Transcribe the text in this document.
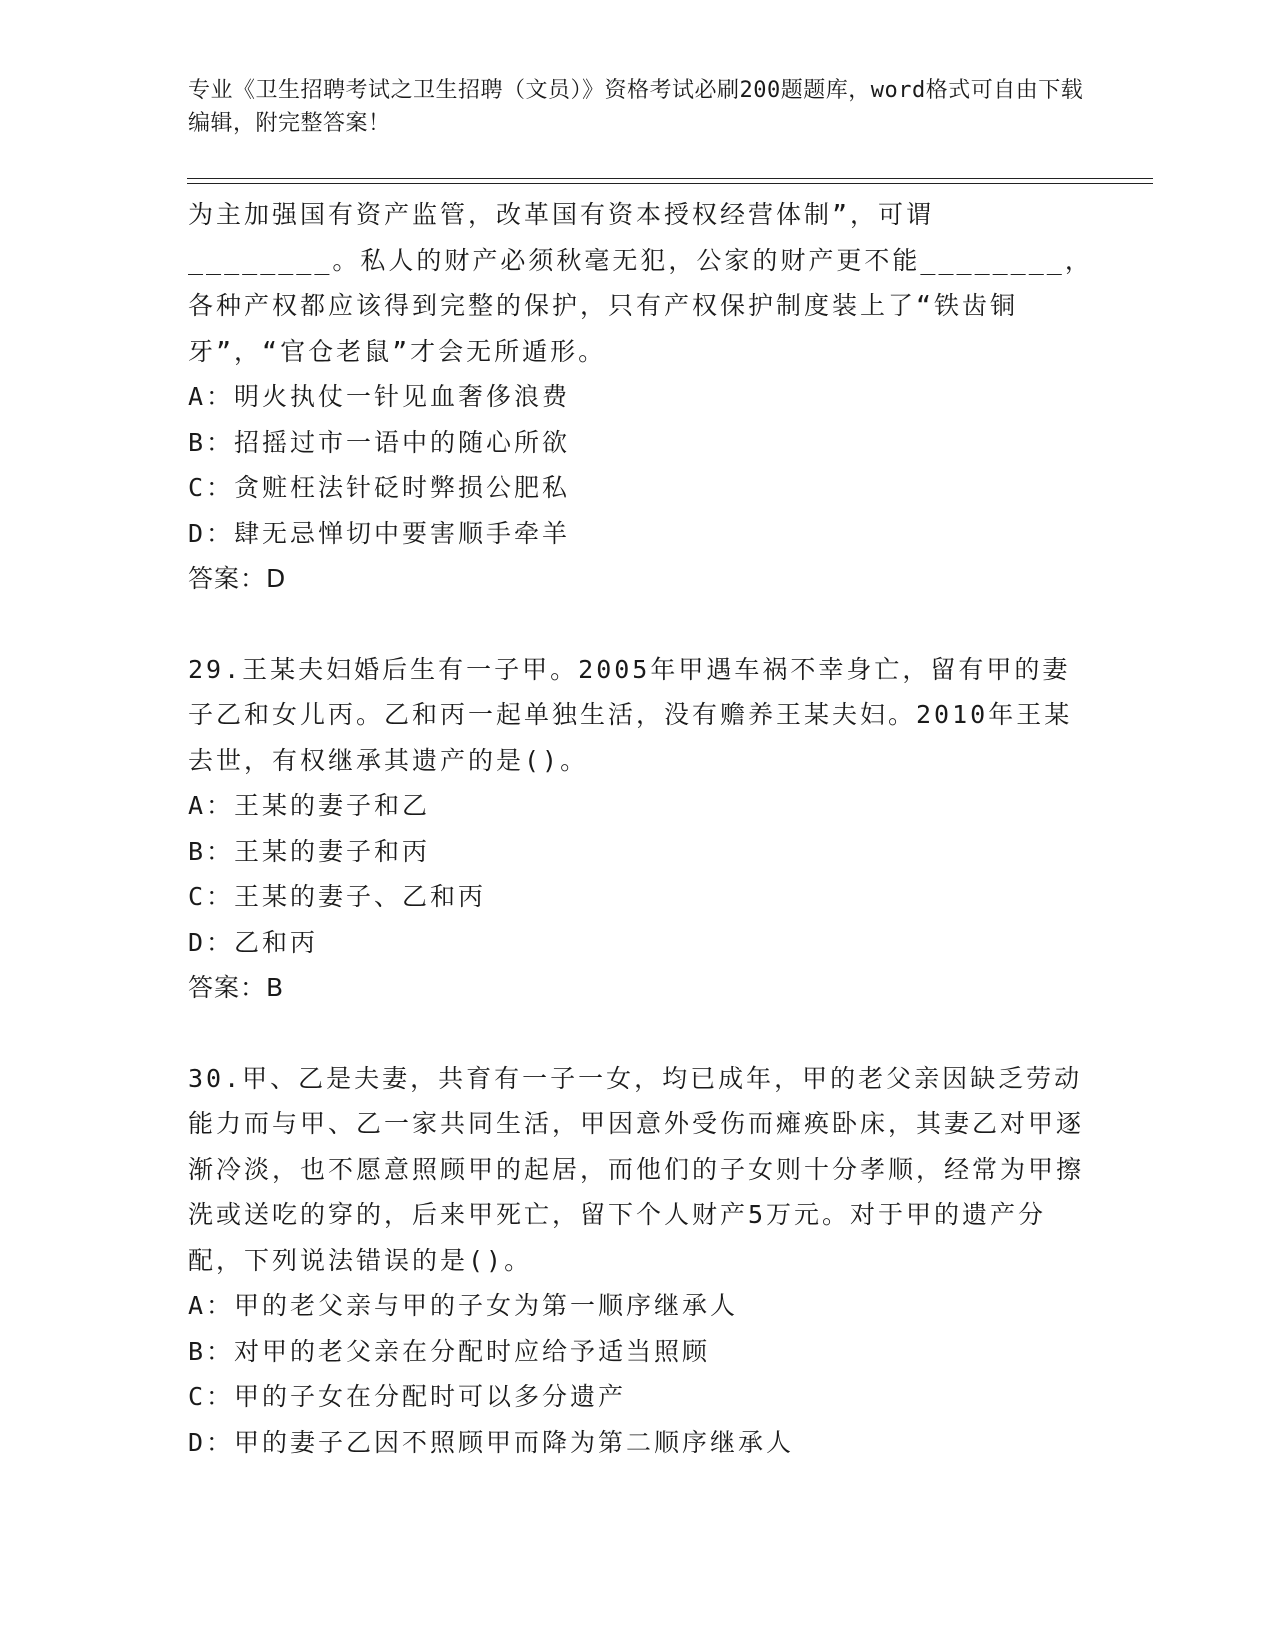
专业《卫生招聘考试之卫生招聘（文员）》资格考试必刷200题题库，word格式可自由下载编辑，附完整答案！

为主加强国有资产监管，改革国有资本授权经营体制”，可谓________。私人的财产必须秋毫无犯，公家的财产更不能________，各种产权都应该得到完整的保护，只有产权保护制度装上了“铁齿铜牙”，“官仓老鼠”才会无所遁形。

A：明火执仗一针见血奢侈浪费

B：招摇过市一语中的随心所欲

C：贪赃枉法针砭时弊损公肥私

D：肆无忌惮切中要害顺手牵羊

答案：D

29.王某夫妇婚后生有一子甲。2005年甲遇车祸不幸身亡，留有甲的妻子乙和女儿丙。乙和丙一起单独生活，没有赡养王某夫妇。2010年王某去世，有权继承其遗产的是()。

A：王某的妻子和乙

B：王某的妻子和丙

C：王某的妻子、乙和丙

D：乙和丙

答案：B

30.甲、乙是夫妻，共育有一子一女，均已成年，甲的老父亲因缺乏劳动能力而与甲、乙一家共同生活，甲因意外受伤而瘫痪卧床，其妻乙对甲逐渐冷淡，也不愿意照顾甲的起居，而他们的子女则十分孝顺，经常为甲擦洗或送吃的穿的，后来甲死亡，留下个人财产5万元。对于甲的遗产分配，下列说法错误的是()。

A：甲的老父亲与甲的子女为第一顺序继承人

B：对甲的老父亲在分配时应给予适当照顾

C：甲的子女在分配时可以多分遗产

D：甲的妻子乙因不照顾甲而降为第二顺序继承人
